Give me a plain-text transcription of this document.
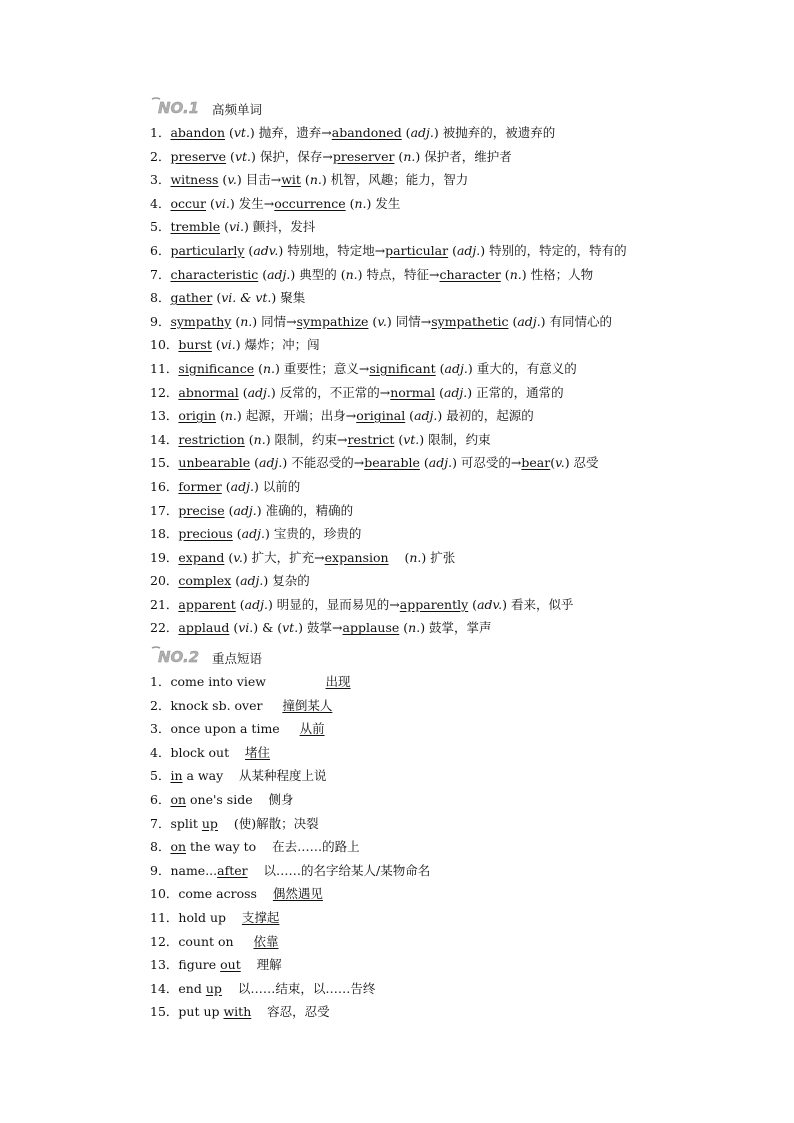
NO.1 高频单词
1．abandon (vt.) 抛弃，遗弃→abandoned (adj.) 被抛弃的，被遗弃的
2．preserve (vt.) 保护，保存→preserver (n.) 保护者，维护者
3．witness (v.) 目击→wit (n.) 机智，风趣；能力，智力
4．occur (vi.) 发生→occurrence (n.) 发生
5．tremble (vi.) 颤抖，发抖
6．particularly (adv.) 特别地，特定地→particular (adj.) 特别的，特定的，特有的
7．characteristic (adj.) 典型的 (n.) 特点，特征→character (n.) 性格；人物
8．gather (vi. & vt.) 聚集
9．sympathy (n.) 同情→sympathize (v.) 同情→sympathetic (adj.) 有同情心的
10．burst (vi.) 爆炸；冲；闯
11．significance (n.) 重要性；意义→significant (adj.) 重大的，有意义的
12．abnormal (adj.) 反常的，不正常的→normal (adj.) 正常的，通常的
13．origin (n.) 起源，开端；出身→original (adj.) 最初的，起源的
14．restriction (n.) 限制，约束→restrict (vt.) 限制，约束
15．unbearable (adj.) 不能忍受的→bearable (adj.) 可忍受的→bear(v.) 忍受
16．former (adj.) 以前的
17．precise (adj.) 准确的，精确的
18．precious (adj.) 宝贵的，珍贵的
19．expand (v.) 扩大，扩充→expansion    (n.) 扩张
20．complex (adj.) 复杂的
21．apparent (adj.) 明显的，显而易见的→apparently (adv.) 看来，似乎
22．applaud (vi.) & (vt.) 鼓掌→applause (n.) 鼓掌，掌声
NO.2 重点短语
1．come into view	出现
2．knock sb. over 撞倒某人
3．once upon a time 从前
4．block out 堵住
5．in a way 从某种程度上说
6．on one's side 侧身
7．split up (使)解散；决裂
8．on the way to 在去……的路上
9．name...after 以……的名字给某人/某物命名
10．come across 偶然遇见
11．hold up 支撑起
12．count on 依靠
13．figure out 理解
14．end up 以……结束，以……告终
15．put up with 容忍，忍受
